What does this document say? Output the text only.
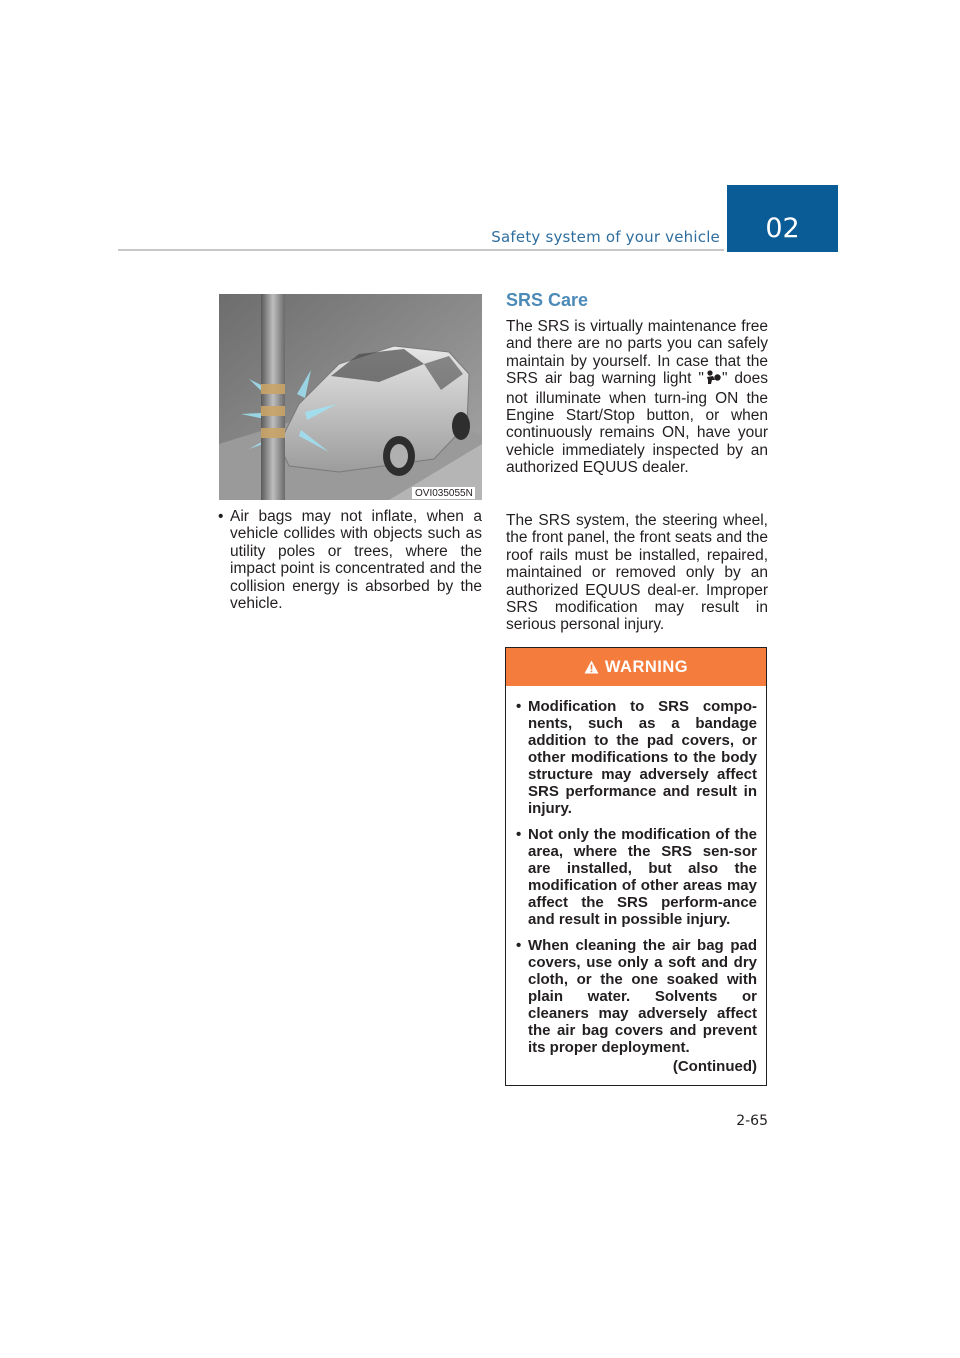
Safety system of your vehicle	02
OVI035055N
• Air bags may not inflate, when a vehicle collides with objects such as utility poles or trees, where the impact point is concentrated and the collision energy is absorbed by the vehicle.
SRS Care
The SRS is virtually maintenance free and there are no parts you can safely maintain by yourself. In case that the SRS air bag warning light " " does not illuminate when turn-ing ON the Engine Start/Stop button, or when continuously remains ON, have your vehicle immediately inspected by an authorized EQUUS dealer.
The SRS system, the steering wheel, the front panel, the front seats and the roof rails must be installed, repaired, maintained or removed only by an authorized EQUUS deal-er. Improper SRS modification may result in serious personal injury.
WARNING
• Modification to SRS compo-nents, such as a bandage addition to the pad covers, or other modifications to the body structure may adversely affect SRS performance and result in injury.
• Not only the modification of the area, where the SRS sen-sor are installed, but also the modification of other areas may affect the SRS perform-ance and result in possible injury.
• When cleaning the air bag pad covers, use only a soft and dry cloth, or the one soaked with plain water. Solvents or cleaners may adversely affect the air bag covers and prevent its proper deployment.
(Continued)
2-65
